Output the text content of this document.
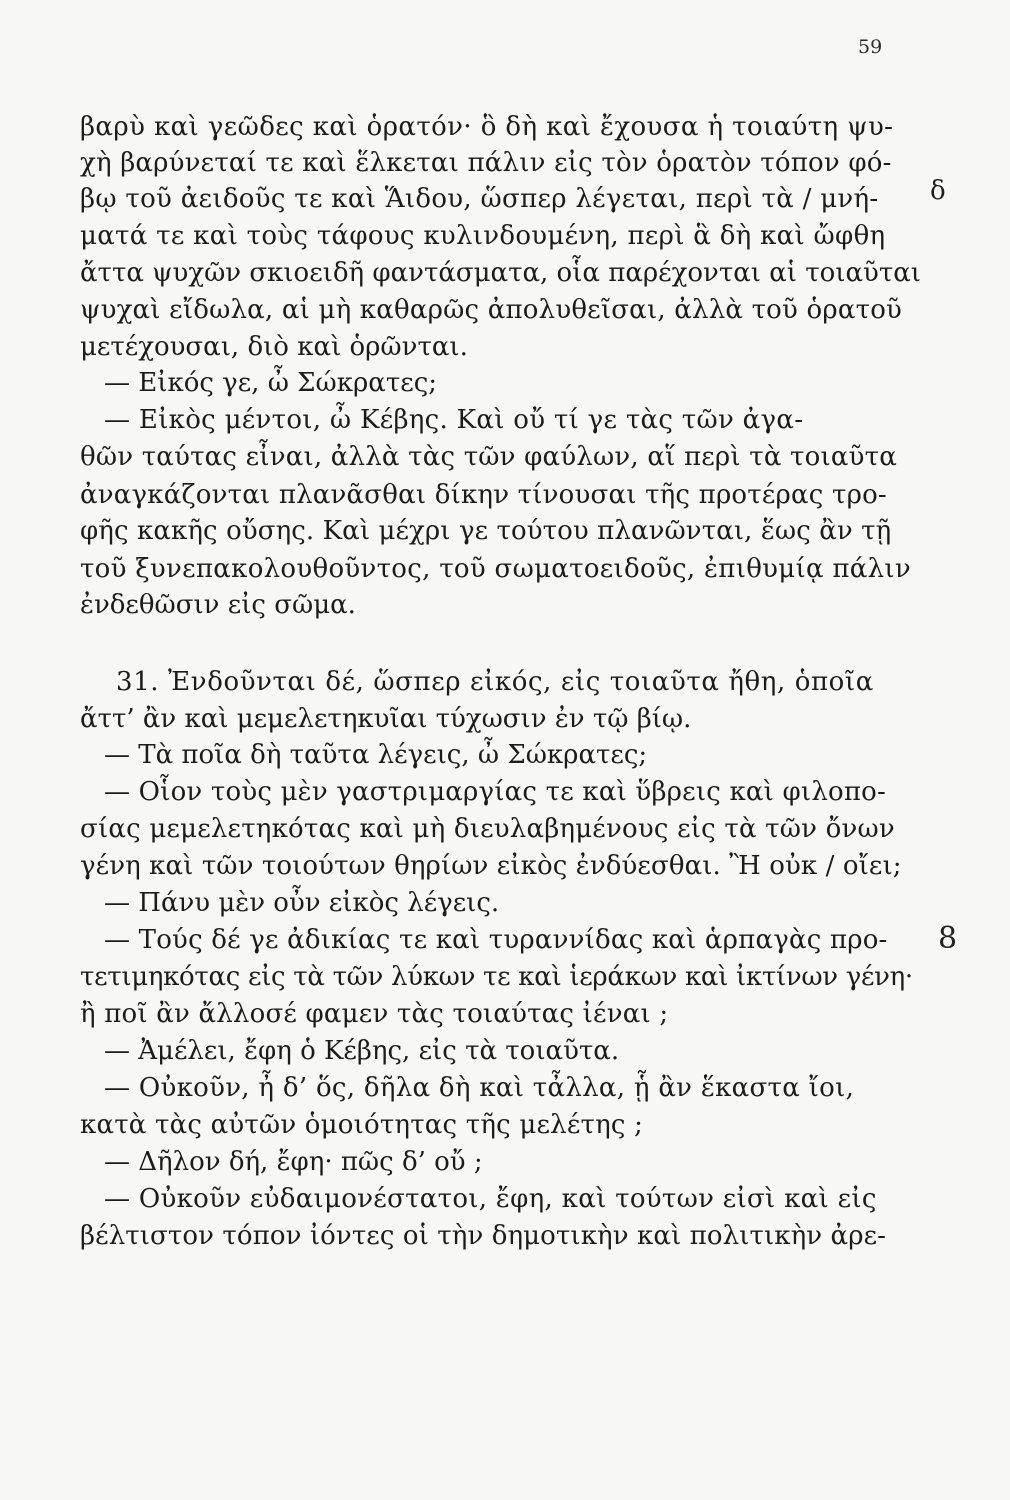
59
βαρὺ καὶ γεῶδες καὶ ὁρατόν· ὃ δὴ καὶ ἔχουσα ἡ τοιαύτη ψυ-
χὴ βαρύνεταί τε καὶ ἕλκεται πάλιν εἰς τὸν ὁρατὸν τόπον φό-
βῳ τοῦ ἀειδοῦς τε καὶ Ἅιδου, ὥσπερ λέγεται, περὶ τὰ / μνή-
ματά τε καὶ τοὺς τάφους κυλινδουμένη, περὶ ἃ δὴ καὶ ὤφθη
ἄττα ψυχῶν σκιοειδῆ φαντάσματα, οἷα παρέχονται αἱ τοιαῦται
ψυχαὶ εἴδωλα, αἱ μὴ καθαρῶς ἀπολυθεῖσαι, ἀλλὰ τοῦ ὁρατοῦ
μετέχουσαι, διὸ καὶ ὁρῶνται.
— Εἰκός γε, ὦ Σώκρατες;
— Εἰκὸς μέντοι, ὦ Κέβης. Καὶ οὔ τί γε τὰς τῶν ἀγα-
θῶν ταύτας εἶναι, ἀλλὰ τὰς τῶν φαύλων, αἵ περὶ τὰ τοιαῦτα
ἀναγκάζονται πλανᾶσθαι δίκην τίνουσαι τῆς προτέρας τρο-
φῆς κακῆς οὔσης. Καὶ μέχρι γε τούτου πλανῶνται, ἕως ἂν τῇ
τοῦ ξυνεπακολουθοῦντος, τοῦ σωματοειδοῦς, ἐπιθυμίᾳ πάλιν
ἐνδεθῶσιν εἰς σῶμα.
31. Ἐνδοῦνται δέ, ὥσπερ εἰκός, εἰς τοιαῦτα ἤθη, ὁποῖα
ἄττ’ ἂν καὶ μεμελετηκυῖαι τύχωσιν ἐν τῷ βίῳ.
— Τὰ ποῖα δὴ ταῦτα λέγεις, ὦ Σώκρατες;
— Οἷον τοὺς μὲν γαστριμαργίας τε καὶ ὕβρεις καὶ φιλοπο-
σίας μεμελετηκότας καὶ μὴ διευλαβημένους εἰς τὰ τῶν ὄνων
γένη καὶ τῶν τοιούτων θηρίων εἰκὸς ἐνδύεσθαι. Ἢ οὐκ / οἴει;
— Πάνυ μὲν οὖν εἰκὸς λέγεις.
— Τούς δέ γε ἀδικίας τε καὶ τυραννίδας καὶ ἁρπαγὰς προ-
τετιμηκότας εἰς τὰ τῶν λύκων τε καὶ ἱεράκων καὶ ἰκτίνων γένη·
ἢ ποῖ ἂν ἄλλοσέ φαμεν τὰς τοιαύτας ἰέναι ;
— Ἀμέλει, ἔφη ὁ Κέβης, εἰς τὰ τοιαῦτα.
— Οὐκοῦν, ἦ δ’ ὅς, δῆλα δὴ καὶ τἆλλα, ᾗ ἂν ἕκαστα ἴοι,
κατὰ τὰς αὐτῶν ὁμοιότητας τῆς μελέτης ;
— Δῆλον δή, ἔφη· πῶς δ’ οὔ ;
— Οὐκοῦν εὐδαιμονέστατοι, ἔφη, καὶ τούτων εἰσὶ καὶ εἰς
βέλτιστον τόπον ἰόντες οἱ τὴν δημοτικὴν καὶ πολιτικὴν ἀρε-
δ
8
